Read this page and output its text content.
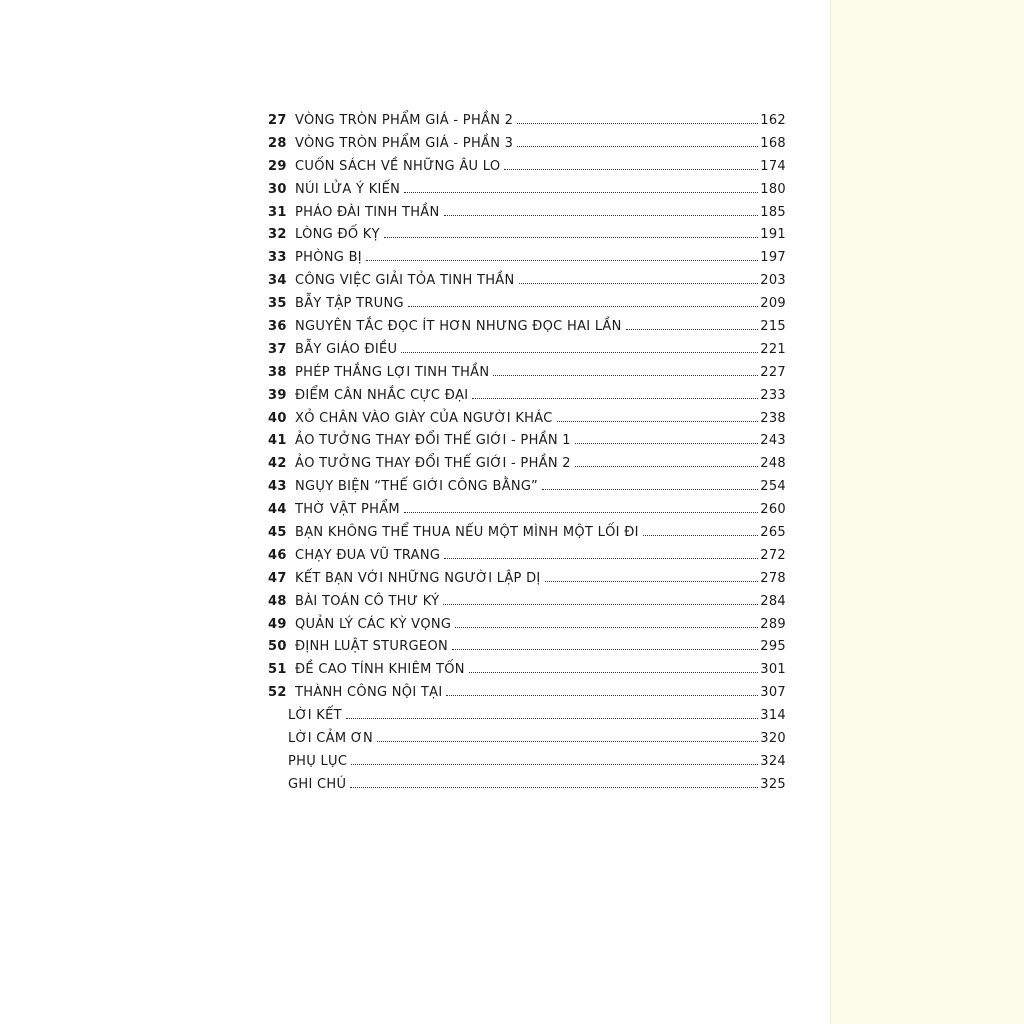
27 VÒNG TRÒN PHẨM GIÁ - PHẦN 2	162
28 VÒNG TRÒN PHẨM GIÁ - PHẦN 3	168
29 CUỐN SÁCH VỀ NHỮNG ÂU LO	174
30 NÚI LỬA Ý KIẾN	180
31 PHÁO ĐÀI TINH THẦN	185
32 LÒNG ĐỐ KỴ	191
33 PHÒNG BỊ	197
34 CÔNG VIỆC GIẢI TỎA TINH THẦN	203
35 BẪY TẬP TRUNG	209
36 NGUYÊN TẮC ĐỌC ÍT HƠN NHƯNG ĐỌC HAI LẦN	215
37 BẪY GIÁO ĐIỀU	221
38 PHÉP THẮNG LỢI TINH THẦN	227
39 ĐIỂM CÂN NHẮC CỰC ĐẠI	233
40 XỎ CHÂN VÀO GIÀY CỦA NGƯỜI KHÁC	238
41 ẢO TƯỞNG THAY ĐỔI THẾ GIỚI - PHẦN 1	243
42 ẢO TƯỞNG THAY ĐỔI THẾ GIỚI - PHẦN 2	248
43 NGỤY BIỆN “THẾ GIỚI CÔNG BẰNG”	254
44 THỜ VẬT PHẨM	260
45 BẠN KHÔNG THỂ THUA NẾU MỘT MÌNH MỘT LỐI ĐI	265
46 CHẠY ĐUA VŨ TRANG	272
47 KẾT BẠN VỚI NHỮNG NGƯỜI LẬP DỊ	278
48 BÀI TOÁN CÔ THƯ KÝ	284
49 QUẢN LÝ CÁC KỲ VỌNG	289
50 ĐỊNH LUẬT STURGEON	295
51 ĐỀ CAO TÍNH KHIÊM TỐN	301
52 THÀNH CÔNG NỘI TẠI	307
LỜI KẾT	314
LỜI CẢM ƠN	320
PHỤ LỤC	324
GHI CHÚ	325
